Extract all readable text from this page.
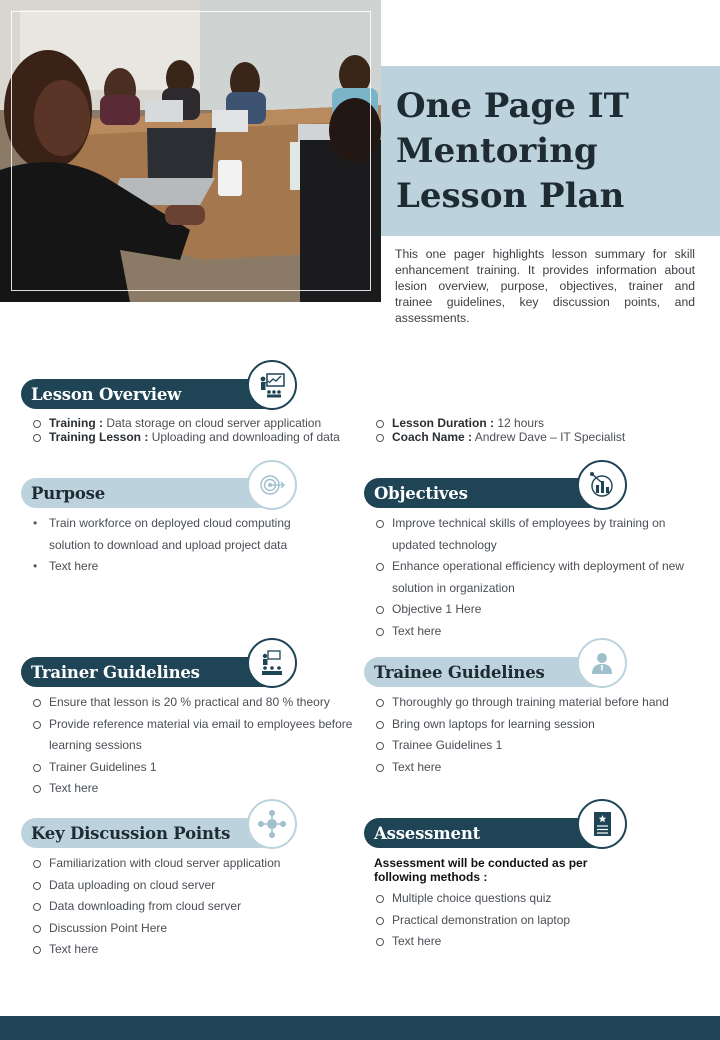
One Page IT Mentoring Lesson Plan

This one pager highlights lesson summary for skill enhancement training. It provides information about lesion overview, purpose, objectives, trainer and trainee guidelines, key discussion points, and assessments.

Lesson Overview
Training : Data storage on cloud server application
Training Lesson : Uploading and downloading of data
Lesson Duration : 12 hours
Coach Name : Andrew Dave – IT Specialist
Purpose
• Train workforce on deployed cloud computing solution to download and upload project data
• Text here
Objectives
Improve technical skills of employees by training on updated technology
Enhance operational efficiency with deployment of new solution in organization
Objective 1 Here
Text here
Trainer Guidelines
Ensure that lesson is 20 % practical and 80 % theory
Provide reference material via email to employees before learning sessions
Trainer Guidelines 1
Text here
Trainee Guidelines
Thoroughly go through training material before hand
Bring own laptops for learning session
Trainee Guidelines 1
Text here
Key Discussion Points
Familiarization with cloud server application
Data uploading on cloud server
Data downloading from cloud server
Discussion Point Here
Text here
Assessment
Assessment will be conducted as per following methods :
Multiple choice questions quiz
Practical demonstration on laptop
Text here
